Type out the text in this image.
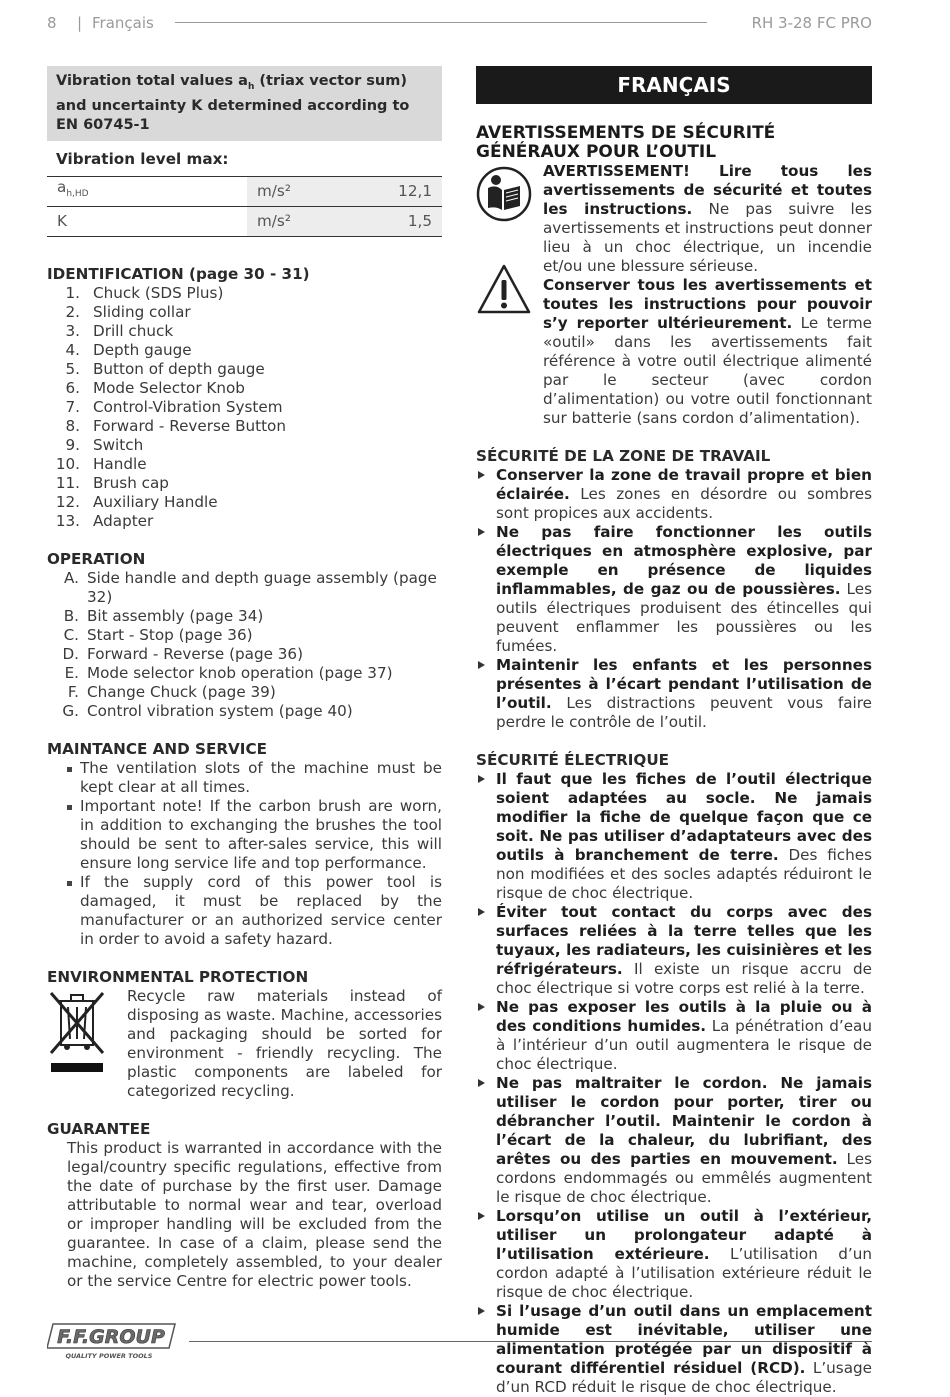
8 | Français	RH 3-28 FC PRO
Vibration total values $a_h$ (triax vector sum) and uncertainty K determined according to EN 60745-1
Vibration level max:
$a_{h,HD}$	m/s²	12,1
K	m/s²	1,5
IDENTIFICATION (page 30 - 31)
1. Chuck (SDS Plus)
2. Sliding collar
3. Drill chuck
4. Depth gauge
5. Button of depth gauge
6. Mode Selector Knob
7. Control-Vibration System
8. Forward - Reverse Button
9. Switch
10. Handle
11. Brush cap
12. Auxiliary Handle
13. Adapter
OPERATION
A. Side handle and depth guage assembly (page 32)
B. Bit assembly (page 34)
C. Start - Stop (page 36)
D. Forward - Reverse (page 36)
E. Mode selector knob operation (page 37)
F. Change Chuck (page 39)
G. Control vibration system (page 40)
MAINTANCE AND SERVICE
The ventilation slots of the machine must be kept clear at all times.
Important note! If the carbon brush are worn, in addition to exchanging the brushes the tool should be sent to after-sales service, this will ensure long service life and top performance.
If the supply cord of this power tool is damaged, it must be replaced by the manufacturer or an authorized service center in order to avoid a safety hazard.
ENVIRONMENTAL PROTECTION
Recycle raw materials instead of disposing as waste. Machine, accessories and packaging should be sorted for environment - friendly recycling. The plastic components are labeled for categorized recycling.
GUARANTEE
This product is warranted in accordance with the legal/country specific regulations, effective from the date of purchase by the first user. Damage attributable to normal wear and tear, overload or improper handling will be excluded from the guarantee. In case of a claim, please send the machine, completely assembled, to your dealer or the service Centre for electric power tools.
FRANÇAIS
AVERTISSEMENTS DE SÉCURITÉ GÉNÉRAUX POUR L’OUTIL
AVERTISSEMENT! Lire tous les avertissements de sécurité et toutes les instructions. Ne pas suivre les avertissements et instructions peut donner lieu à un choc électrique, un incendie et/ou une blessure sérieuse.
Conserver tous les avertissements et toutes les instructions pour pouvoir s’y reporter ultérieurement. Le terme «outil» dans les avertissements fait référence à votre outil électrique alimenté par le secteur (avec cordon d’alimentation) ou votre outil fonctionnant sur batterie (sans cordon d’alimentation).
SÉCURITÉ DE LA ZONE DE TRAVAIL
Conserver la zone de travail propre et bien éclairée. Les zones en désordre ou sombres sont propices aux accidents.
Ne pas faire fonctionner les outils électriques en atmosphère explosive, par exemple en présence de liquides inflammables, de gaz ou de poussières. Les outils électriques produisent des étincelles qui peuvent enflammer les poussières ou les fumées.
Maintenir les enfants et les personnes présentes à l’écart pendant l’utilisation de l’outil. Les distractions peuvent vous faire perdre le contrôle de l’outil.
SÉCURITÉ ÉLECTRIQUE
Il faut que les fiches de l’outil électrique soient adaptées au socle. Ne jamais modifier la fiche de quelque façon que ce soit. Ne pas utiliser d’adaptateurs avec des outils à branchement de terre. Des fiches non modifiées et des socles adaptés réduiront le risque de choc électrique.
Éviter tout contact du corps avec des surfaces reliées à la terre telles que les tuyaux, les radiateurs, les cuisinières et les réfrigérateurs. Il existe un risque accru de choc électrique si votre corps est relié à la terre.
Ne pas exposer les outils à la pluie ou à des conditions humides. La pénétration d’eau à l’intérieur d’un outil augmentera le risque de choc électrique.
Ne pas maltraiter le cordon. Ne jamais utiliser le cordon pour porter, tirer ou débrancher l’outil. Maintenir le cordon à l’écart de la chaleur, du lubrifiant, des arêtes ou des parties en mouvement. Les cordons endommagés ou emmêlés augmentent le risque de choc électrique.
Lorsqu’on utilise un outil à l’extérieur, utiliser un prolongateur adapté à l’utilisation extérieure. L’utilisation d’un cordon adapté à l’utilisation extérieure réduit le risque de choc électrique.
Si l’usage d’un outil dans un emplacement humide est inévitable, utiliser une alimentation protégée par un dispositif à courant différentiel résiduel (RCD). L’usage d’un RCD réduit le risque de choc électrique.
F.F.GROUP
QUALITY POWER TOOLS
